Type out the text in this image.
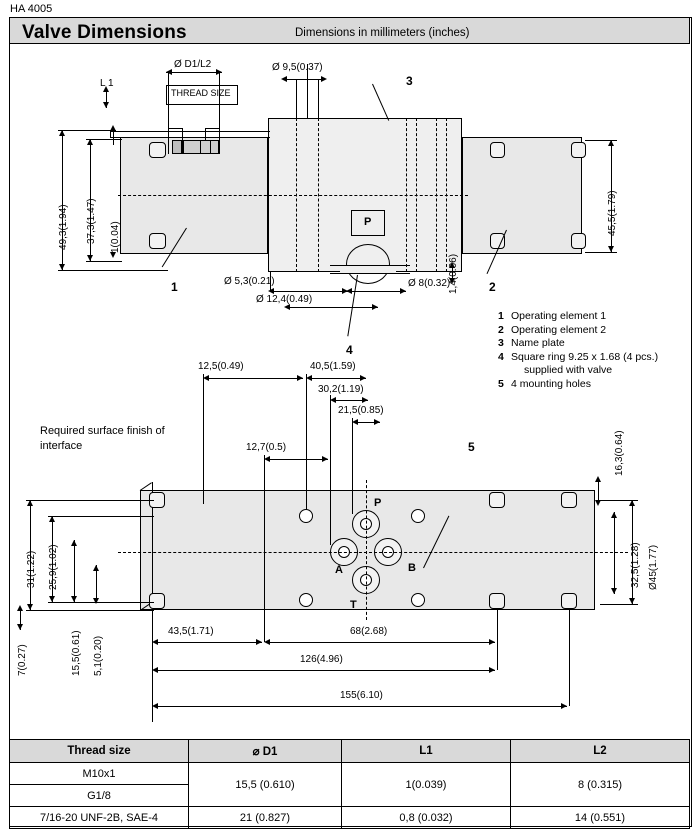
HA 4005
Valve Dimensions	Dimensions in millimeters (inches)
P
49,3(1.94) 37,3(1.47) 1(0.04)
45,5(1.79)
Ø D1/L2
THREAD SIZE
L 1
Ø 9,5(0.37)
3
1	2
4
Ø 5,3(0.21)	Ø 8(0.32)
Ø 12,4(0.49)
1,4(0.06)
1 Operating element 1
2 Operating element 2
3 Name plate
4 Square ring 9.25 x 1.68 (4 pcs.)
supplied with valve
5 4 mounting holes
Required surface finish of interface
P
A	B
T
31(1.22) 25,9(1.02)
15,5(0.61) 5,1(0.20)
7(0.27)
Ø45(1.77)
32,5(1.28)
16,3(0.64)
12,5(0.49)	40,5(1.59)
30,2(1.19)
21,5(0.85)
12,7(0.5)	5
43,5(1.71)	68(2.68)
126(4.96)
155(6.10)
Thread size	⌀ D1	L1	L2
M10x1	15,5 (0.610)	1(0.039)	8 (0.315)
G1/8			
7/16-20 UNF-2B, SAE-4	21 (0.827)	0,8 (0.032)	14 (0.551)
